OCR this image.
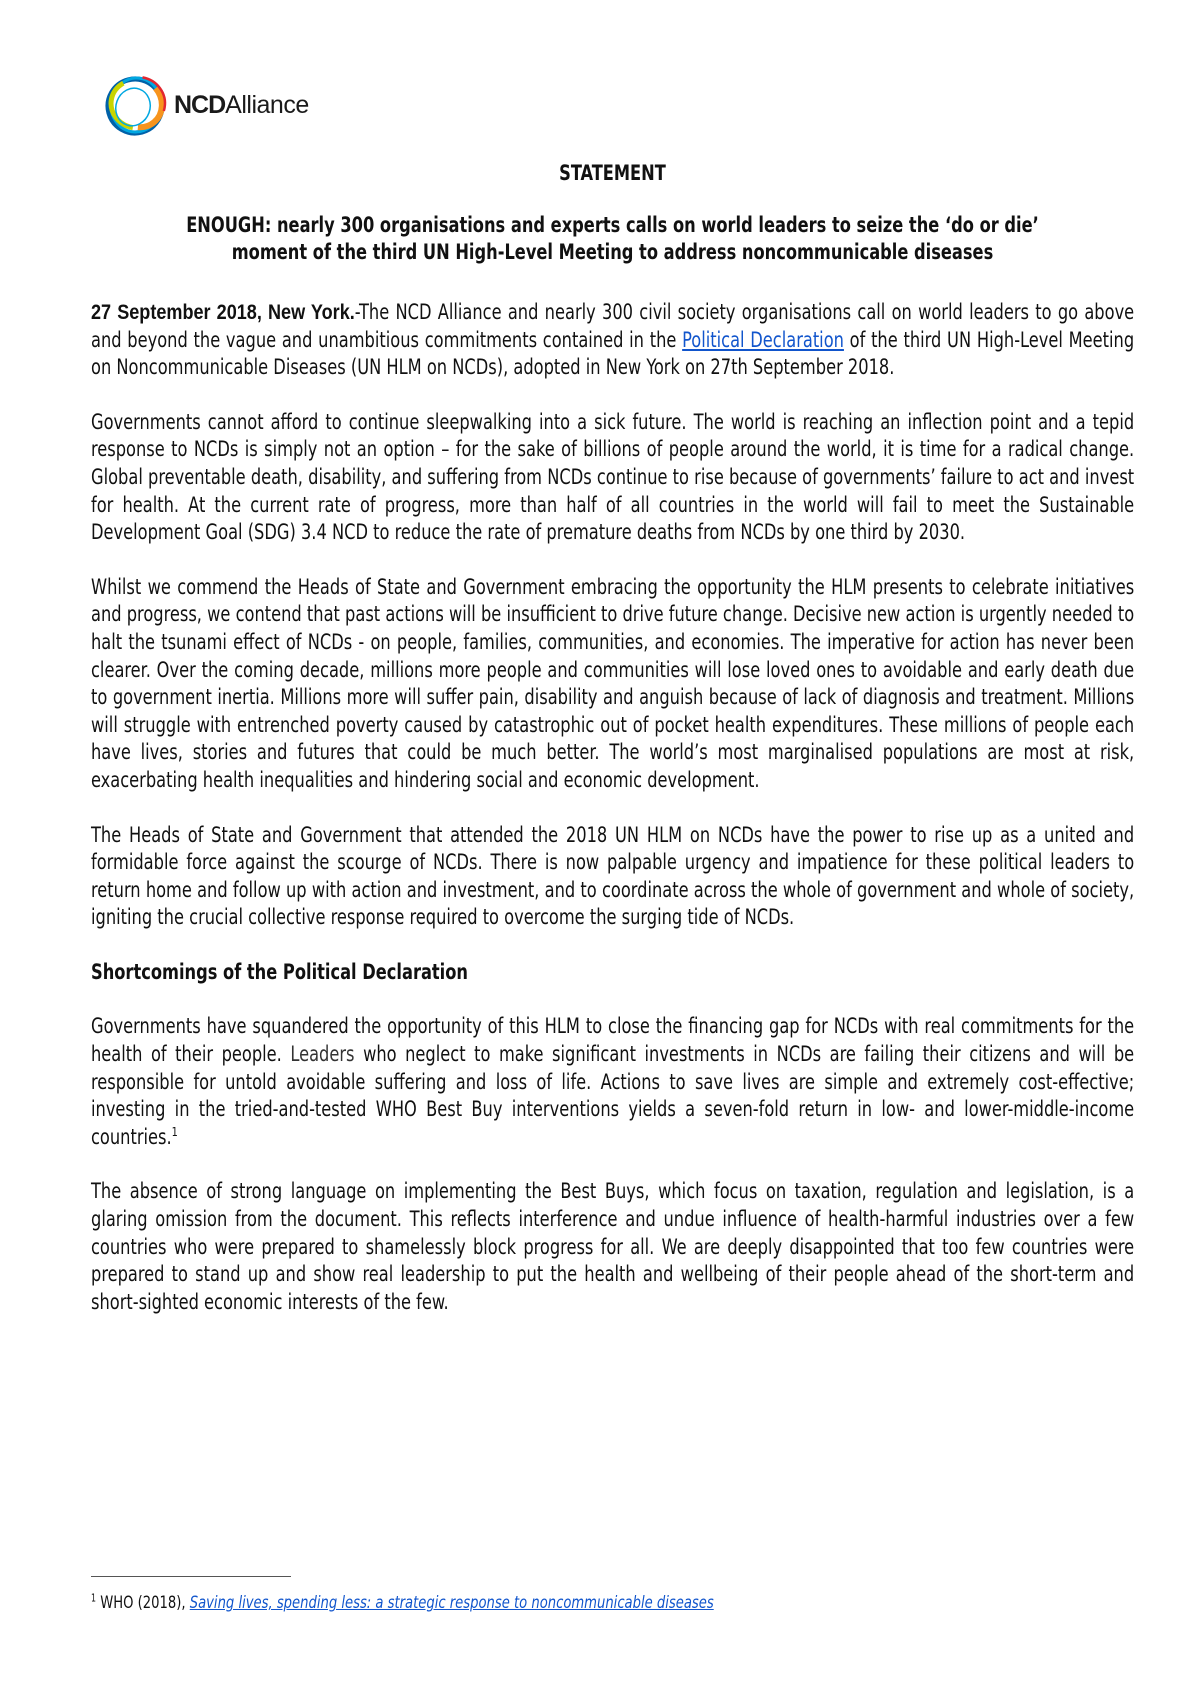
NCDAlliance
STATEMENT
ENOUGH: nearly 300 organisations and experts calls on world leaders to seize the ‘do or die’ moment of the third UN High-Level Meeting to address noncommunicable diseases

27 September 2018, New York.-The NCD Alliance and nearly 300 civil society organisations call on world leaders to go above and beyond the vague and unambitious commitments contained in the Political Declaration of the third UN High-Level Meeting on Noncommunicable Diseases (UN HLM on NCDs), adopted in New York on 27th September 2018.

Governments cannot afford to continue sleepwalking into a sick future. The world is reaching an inflection point and a tepid response to NCDs is simply not an option – for the sake of billions of people around the world, it is time for a radical change. Global preventable death, disability, and suffering from NCDs continue to rise because of governments’ failure to act and invest for health. At the current rate of progress, more than half of all countries in the world will fail to meet the Sustainable Development Goal (SDG) 3.4 NCD to reduce the rate of premature deaths from NCDs by one third by 2030.

Whilst we commend the Heads of State and Government embracing the opportunity the HLM presents to celebrate initiatives and progress, we contend that past actions will be insufficient to drive future change. Decisive new action is urgently needed to halt the tsunami effect of NCDs - on people, families, communities, and economies. The imperative for action has never been clearer. Over the coming decade, millions more people and communities will lose loved ones to avoidable and early death due to government inertia. Millions more will suffer pain, disability and anguish because of lack of diagnosis and treatment. Millions will struggle with entrenched poverty caused by catastrophic out of pocket health expenditures. These millions of people each have lives, stories and futures that could be much better. The world’s most marginalised populations are most at risk, exacerbating health inequalities and hindering social and economic development.

The Heads of State and Government that attended the 2018 UN HLM on NCDs have the power to rise up as a united and formidable force against the scourge of NCDs. There is now palpable urgency and impatience for these political leaders to return home and follow up with action and investment, and to coordinate across the whole of government and whole of society, igniting the crucial collective response required to overcome the surging tide of NCDs.

Shortcomings of the Political Declaration

Governments have squandered the opportunity of this HLM to close the financing gap for NCDs with real commitments for the health of their people. Leaders who neglect to make significant investments in NCDs are failing their citizens and will be responsible for untold avoidable suffering and loss of life. Actions to save lives are simple and extremely cost-effective; investing in the tried-and-tested WHO Best Buy interventions yields a seven-fold return in low- and lower-middle-income countries.$^1$

The absence of strong language on implementing the Best Buys, which focus on taxation, regulation and legislation, is a glaring omission from the document. This reflects interference and undue influence of health-harmful industries over a few countries who were prepared to shamelessly block progress for all. We are deeply disappointed that too few countries were prepared to stand up and show real leadership to put the health and wellbeing of their people ahead of the short-term and short-sighted economic interests of the few.

$^1$ WHO (2018), Saving lives, spending less: a strategic response to noncommunicable diseases
